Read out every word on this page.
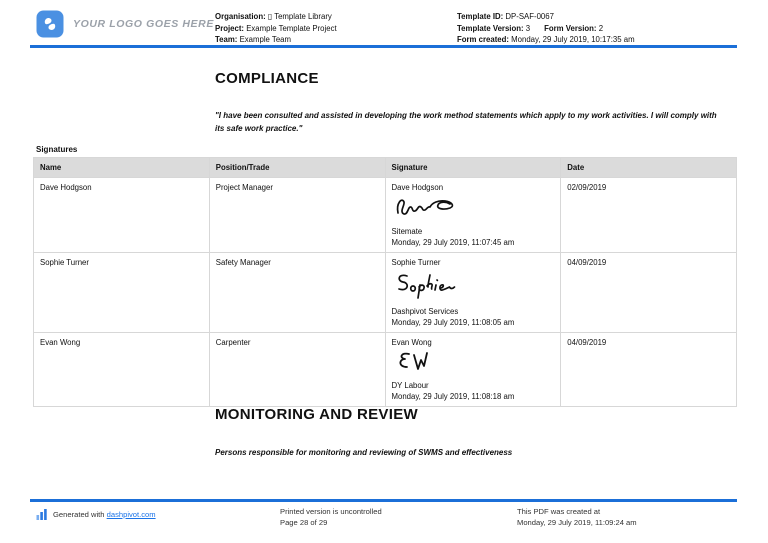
YOUR LOGO GOES HERE
Organisation: ▯ Template Library
Project: Example Template Project
Team: Example Team
Template ID: DP-SAF-0067
Template Version: 3 Form Version: 2
Form created: Monday, 29 July 2019, 10:17:35 am
COMPLIANCE
"I have been consulted and assisted in developing the work method statements which apply to my work activities. I will comply with its safe work practice."
Signatures
Name	Position/Trade	Signature	Date
Dave Hodgson	Project Manager	Dave Hodgson
Sitemate
Monday, 29 July 2019, 11:07:45 am	02/09/2019
Sophie Turner	Safety Manager	Sophie Turner
Dashpivot Services
Monday, 29 July 2019, 11:08:05 am	04/09/2019
Evan Wong	Carpenter	Evan Wong
DY Labour
Monday, 29 July 2019, 11:08:18 am	04/09/2019
MONITORING AND REVIEW
Persons responsible for monitoring and reviewing of SWMS and effectiveness
Generated with dashpivot.com	Printed version is uncontrolled
Page 28 of 29
This PDF was created at
Monday, 29 July 2019, 11:09:24 am
